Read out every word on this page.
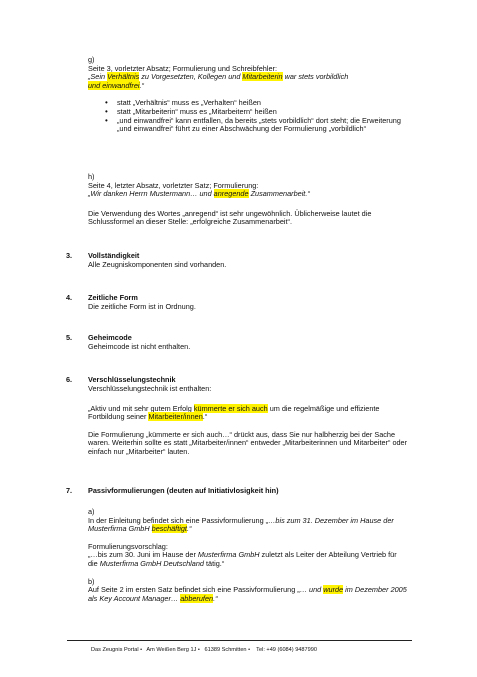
g)
Seite 3, vorletzter Absatz; Formulierung und Schreibfehler:
„Sein Verhältnis zu Vorgesetzten, Kollegen und Mitarbeiterin war stets vorbildlich
und einwandfrei.“
• statt „Verhältnis“ muss es „Verhalten“ heißen
• statt „Mitarbeiterin“ muss es „Mitarbeitern“ heißen
• „und einwandfrei“ kann entfallen, da bereits „stets vorbildlich“ dort steht; die Erweiterung „und einwandfrei“ führt zu einer Abschwächung der Formulierung „vorbildlich“
h)
Seite 4, letzter Absatz, vorletzter Satz; Formulierung:
„Wir danken Herrn Mustermann… und anregende Zusammenarbeit.“
Die Verwendung des Wortes „anregend“ ist sehr ungewöhnlich. Üblicherweise lautet die Schlussformel an dieser Stelle: „erfolgreiche Zusammenarbeit“.
3. Vollständigkeit
Alle Zeugniskomponenten sind vorhanden.
4. Zeitliche Form
Die zeitliche Form ist in Ordnung.
5. Geheimcode
Geheimcode ist nicht enthalten.
6. Verschlüsselungstechnik
Verschlüsselungstechnik ist enthalten:
„Aktiv und mit sehr gutem Erfolg kümmerte er sich auch um die regelmäßige und effiziente Fortbildung seiner Mitarbeiter/innen.“
Die Formulierung „kümmerte er sich auch…“ drückt aus, dass Sie nur halbherzig bei der Sache waren. Weiterhin sollte es statt „Mitarbeiter/innen“ entweder „Mitarbeiterinnen und Mitarbeiter“ oder einfach nur „Mitarbeiter“ lauten.
7. Passivformulierungen (deuten auf Initiativlosigkeit hin)
a)
In der Einleitung befindet sich eine Passivformulierung „…bis zum 31. Dezember im Hause der Musterfirma GmbH beschäftigt.“
Formulierungsvorschlag:
„…bis zum 30. Juni im Hause der Musterfirma GmbH zuletzt als Leiter der Abteilung Vertrieb für die Musterfirma GmbH Deutschland tätig.“
b)
Auf Seite 2 im ersten Satz befindet sich eine Passivformulierung „… und wurde im Dezember 2005 als Key Account Manager… abberufen.“
Das Zeugnis Portal •   Am Weißen Berg 1J •   61389 Schmitten •    Tel: +49 (6084) 9487990
